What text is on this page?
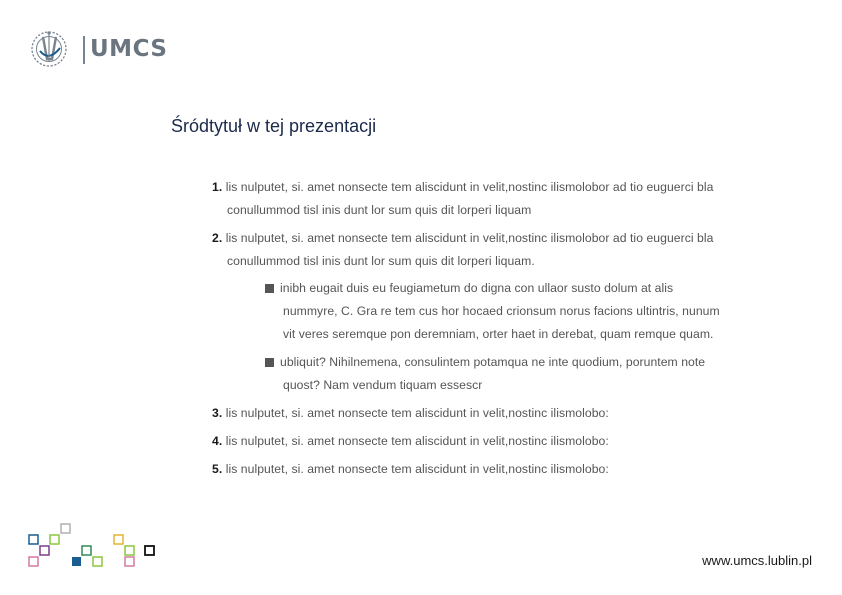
UMCS
Śródtytuł w tej prezentacji
1. lis nulputet, si. amet nonsecte tem aliscidunt in velit,nostinc ilismolobor ad tio euguerci bla
conullummod tisl inis dunt lor sum quis dit lorperi liquam
2. lis nulputet, si. amet nonsecte tem aliscidunt in velit,nostinc ilismolobor ad tio euguerci bla
conullummod tisl inis dunt lor sum quis dit lorperi liquam.
inibh eugait duis eu feugiametum do digna con ullaor susto dolum at alis
nummyre, C. Gra re tem cus hor hocaed crionsum norus facions ultintris, nunum
vit veres seremque pon deremniam, orter haet in derebat, quam remque quam.
ubliquit? Nihilnemena, consulintem potamqua ne inte quodium, poruntem note
quost? Nam vendum tiquam essescr
3. lis nulputet, si. amet nonsecte tem aliscidunt in velit,nostinc ilismolobo:
4. lis nulputet, si. amet nonsecte tem aliscidunt in velit,nostinc ilismolobo:
5. lis nulputet, si. amet nonsecte tem aliscidunt in velit,nostinc ilismolobo:
www.umcs.lublin.pl
